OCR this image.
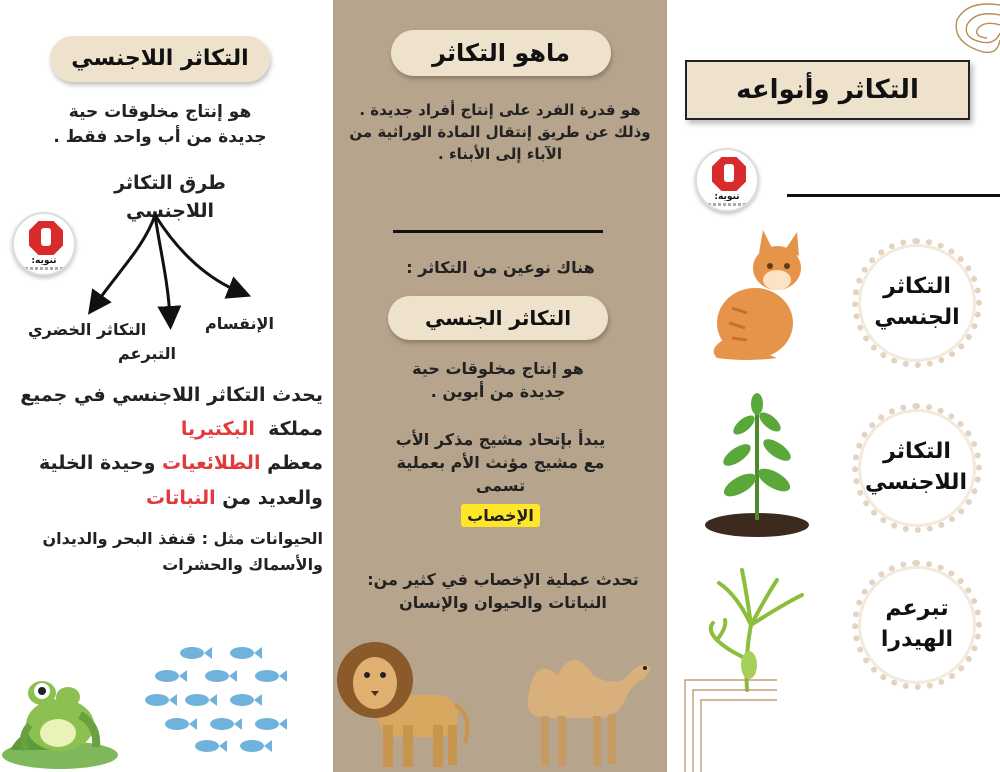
التكاثر اللاجنسي
هو إنتاج مخلوقات حية
جديدة من أب واحد فقط .
طرق التكاثر اللاجنسي
الإنقسام
التكاثر الخضري
التبرعم
تنويه:
يحدث التكاثر اللاجنسي في جميع
مملكة  البكتيريا
معظم الطلائعيات وحيدة الخلية
والعديد من النباتات
الحيوانات مثل : قنفذ البحر والديدان
والأسماك والحشرات
ماهو التكاثر
هو قدرة الفرد على إنتاج أفراد جديدة .
وذلك عن طريق إنتقال المادة الوراثية من
الآباء إلى الأبناء .
هناك نوعين من التكاثر :
التكاثر الجنسي
هو إنتاج مخلوقات حية
جديدة من أبوين .
يبدأ بإتحاد مشيج مذكر الأب
مع مشيج مؤنث الأم بعملية
تسمى
الإخصاب
تحدث عملية الإخصاب في كثير من:
النباتات والحيوان والإنسان
التكاثر وأنواعه
تنويه:
التكاثر الجنسي
التكاثر اللاجنسي
تبرعم الهيدرا
